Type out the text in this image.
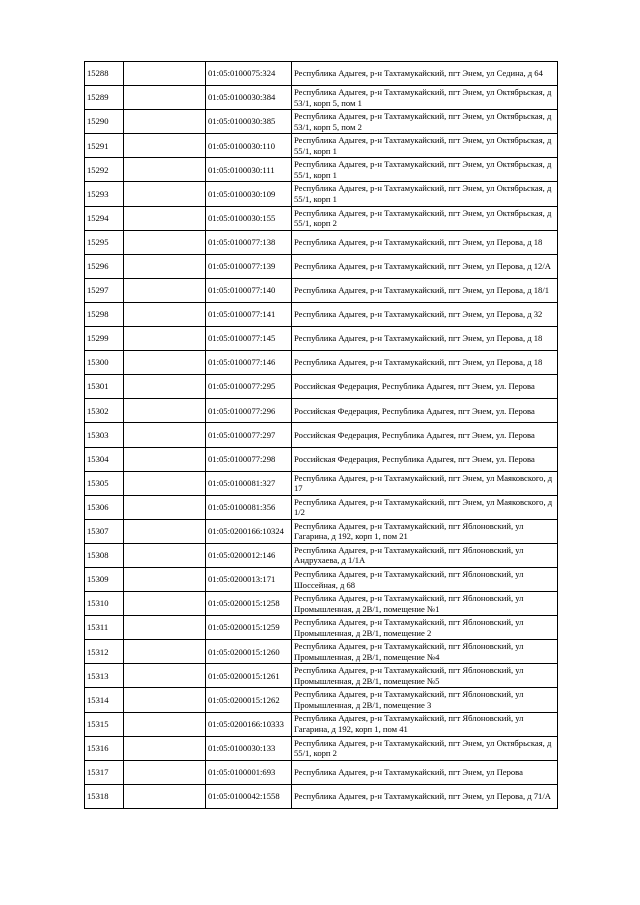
15288		01:05:0100075:324	Республика Адыгея, р-н Тахтамукайский, пгт Энем, ул Седина, д 64
15289		01:05:0100030:384	Республика Адыгея, р-н Тахтамукайский, пгт Энем, ул Октябрьская, д 53/1, корп 5, пом 1
15290		01:05:0100030:385	Республика Адыгея, р-н Тахтамукайский, пгт Энем, ул Октябрьская, д 53/1, корп 5, пом 2
15291		01:05:0100030:110	Республика Адыгея, р-н Тахтамукайский, пгт Энем, ул Октябрьская, д 55/1, корп 1
15292		01:05:0100030:111	Республика Адыгея, р-н Тахтамукайский, пгт Энем, ул Октябрьская, д 55/1, корп 1
15293		01:05:0100030:109	Республика Адыгея, р-н Тахтамукайский, пгт Энем, ул Октябрьская, д 55/1, корп 1
15294		01:05:0100030:155	Республика Адыгея, р-н Тахтамукайский, пгт Энем, ул Октябрьская, д 55/1, корп 2
15295		01:05:0100077:138	Республика Адыгея, р-н Тахтамукайский, пгт Энем, ул Перова, д 18
15296		01:05:0100077:139	Республика Адыгея, р-н Тахтамукайский, пгт Энем, ул Перова, д 12/А
15297		01:05:0100077:140	Республика Адыгея, р-н Тахтамукайский, пгт Энем, ул Перова, д 18/1
15298		01:05:0100077:141	Республика Адыгея, р-н Тахтамукайский, пгт Энем, ул Перова, д 32
15299		01:05:0100077:145	Республика Адыгея, р-н Тахтамукайский, пгт Энем, ул Перова, д 18
15300		01:05:0100077:146	Республика Адыгея, р-н Тахтамукайский, пгт Энем, ул Перова, д 18
15301		01:05:0100077:295	Российская Федерация, Республика Адыгея, пгт Энем, ул. Перова
15302		01:05:0100077:296	Российская Федерация, Республика Адыгея, пгт Энем, ул. Перова
15303		01:05:0100077:297	Российская Федерация, Республика Адыгея, пгт Энем, ул. Перова
15304		01:05:0100077:298	Российская Федерация, Республика Адыгея, пгт Энем, ул. Перова
15305		01:05:0100081:327	Республика Адыгея, р-н Тахтамукайский, пгт Энем, ул Маяковского, д 17
15306		01:05:0100081:356	Республика Адыгея, р-н Тахтамукайский, пгт Энем, ул Маяковского, д 1/2
15307		01:05:0200166:10324	Республика Адыгея, р-н Тахтамукайский, пгт Яблоновский, ул Гагарина, д 192, корп 1, пом 21
15308		01:05:0200012:146	Республика Адыгея, р-н Тахтамукайский, пгт Яблоновский, ул Андрухаева, д 1/1А
15309		01:05:0200013:171	Республика Адыгея, р-н Тахтамукайский, пгт Яблоновский, ул Шоссейная, д 68
15310		01:05:0200015:1258	Республика Адыгея, р-н Тахтамукайский, пгт Яблоновский, ул Промышленная, д 2В/1, помещение №1
15311		01:05:0200015:1259	Республика Адыгея, р-н Тахтамукайский, пгт Яблоновский, ул Промышленная, д 2В/1, помещение 2
15312		01:05:0200015:1260	Республика Адыгея, р-н Тахтамукайский, пгт Яблоновский, ул Промышленная, д 2В/1, помещение №4
15313		01:05:0200015:1261	Республика Адыгея, р-н Тахтамукайский, пгт Яблоновский, ул Промышленная, д 2В/1, помещение №5
15314		01:05:0200015:1262	Республика Адыгея, р-н Тахтамукайский, пгт Яблоновский, ул Промышленная, д 2В/1, помещение 3
15315		01:05:0200166:10333	Республика Адыгея, р-н Тахтамукайский, пгт Яблоновский, ул Гагарина, д 192, корп 1, пом 41
15316		01:05:0100030:133	Республика Адыгея, р-н Тахтамукайский, пгт Энем, ул Октябрьская, д 55/1, корп 2
15317		01:05:0100001:693	Республика Адыгея, р-н Тахтамукайский, пгт Энем, ул Перова
15318		01:05:0100042:1558	Республика Адыгея, р-н Тахтамукайский, пгт Энем, ул Перова, д 71/А
